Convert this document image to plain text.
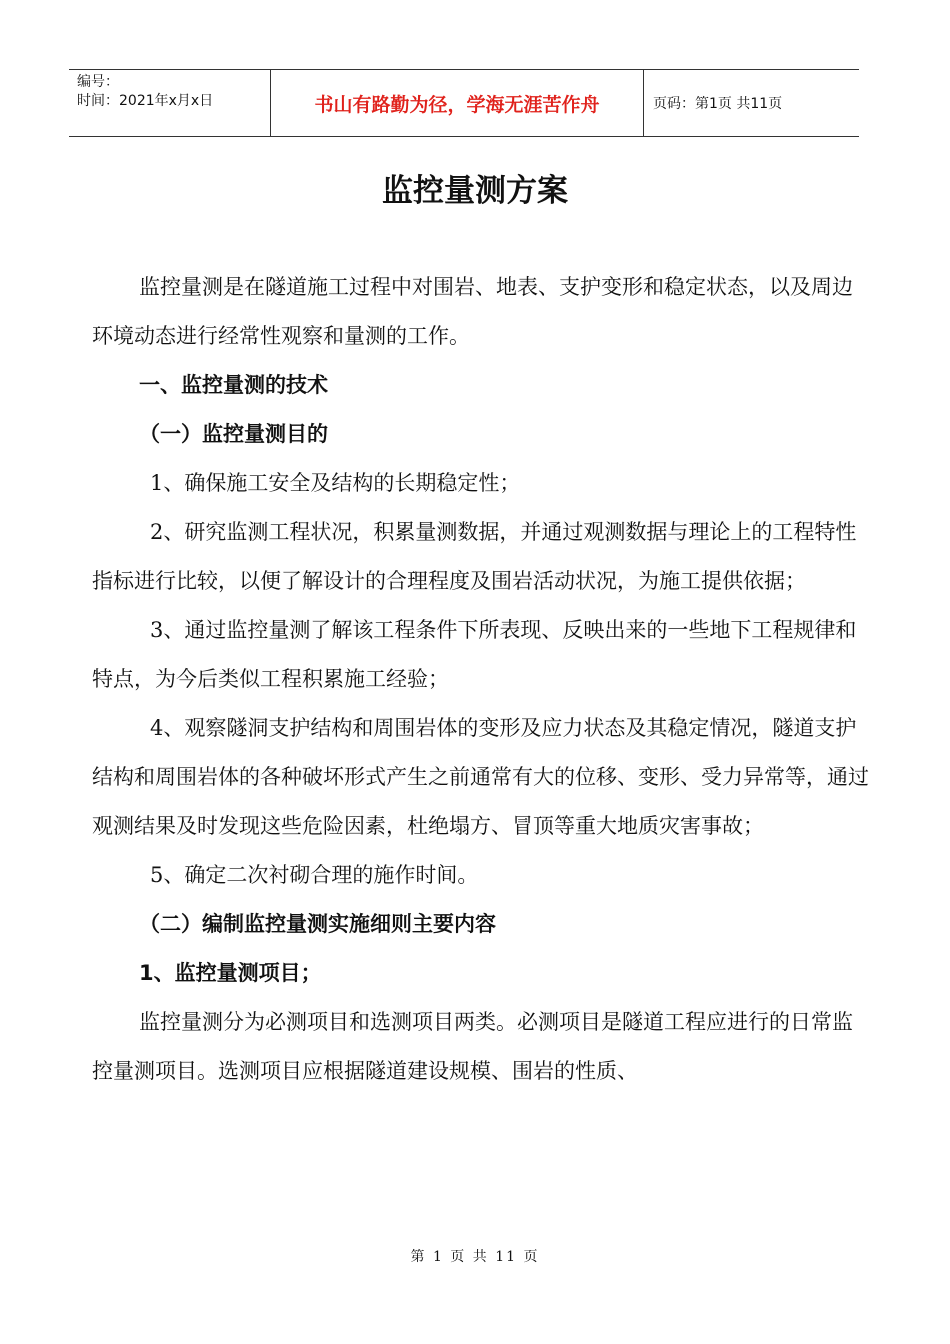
编号：
时间：2021年x月x日	书山有路勤为径，学海无涯苦作舟	页码：第1页 共11页
监控量测方案

监控量测是在隧道施工过程中对围岩、地表、支护变形和稳定状态，以及周边环境动态进行经常性观察和量测的工作。

一、监控量测的技术

（一）监控量测目的

1、确保施工安全及结构的长期稳定性；

2、研究监测工程状况，积累量测数据，并通过观测数据与理论上的工程特性指标进行比较，以便了解设计的合理程度及围岩活动状况，为施工提供依据；

3、通过监控量测了解该工程条件下所表现、反映出来的一些地下工程规律和特点，为今后类似工程积累施工经验；

4、观察隧洞支护结构和周围岩体的变形及应力状态及其稳定情况，隧道支护结构和周围岩体的各种破坏形式产生之前通常有大的位移、变形、受力异常等，通过观测结果及时发现这些危险因素，杜绝塌方、冒顶等重大地质灾害事故；

5、确定二次衬砌合理的施作时间。

（二）编制监控量测实施细则主要内容

1、监控量测项目；

监控量测分为必测项目和选测项目两类。必测项目是隧道工程应进行的日常监控量测项目。选测项目应根据隧道建设规模、围岩的性质、

第 1 页 共 11 页
